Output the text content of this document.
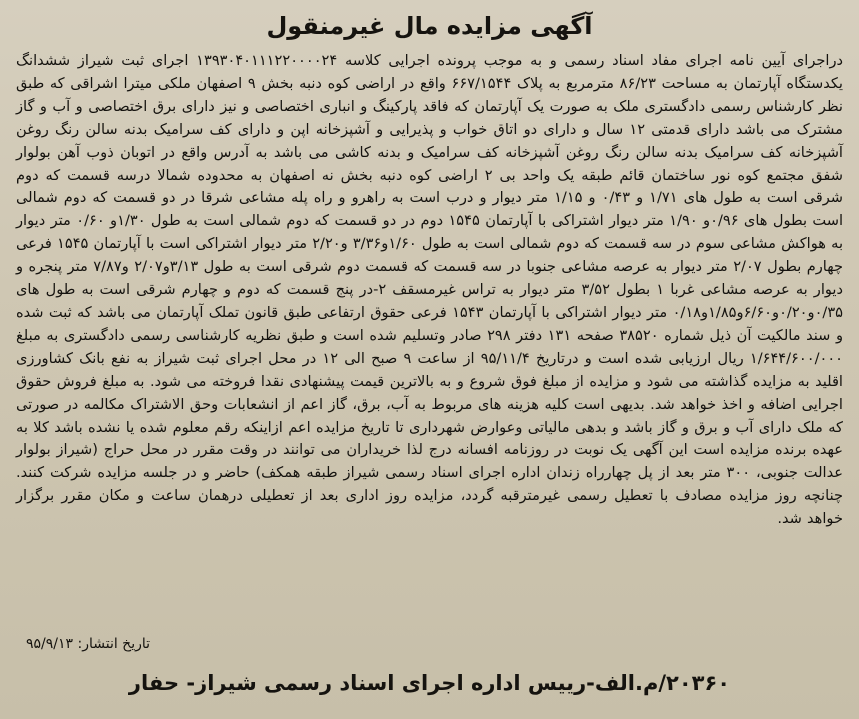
آگهی مزایده مال غیرمنقول

دراجرای آیین نامه اجرای مفاد اسناد رسمی و به موجب پرونده اجرایی کلاسه ۱۳۹۳۰۴۰۱۱۱۲۲۰۰۰۰۲۴ اجرای ثبت شیراز ششدانگ یکدستگاه آپارتمان به مساحت ۸۶/۲۳ مترمربع به پلاک ۶۶۷/۱۵۴۴ واقع در اراضی کوه دنبه بخش ۹ اصفهان ملکی میترا اشراقی که طبق نظر کارشناس رسمی دادگستری ملک به صورت یک آپارتمان که فاقد پارکینگ و انباری اختصاصی و نیز دارای برق اختصاصی و آب و گاز مشترک می باشد دارای قدمتی ۱۲ سال و دارای دو اتاق خواب و پذیرایی و آشپزخانه اپن و دارای کف سرامیک بدنه سالن رنگ روغن آشپزخانه کف سرامیک بدنه سالن رنگ روغن آشپزخانه کف سرامیک و بدنه کاشی می باشد به آدرس واقع در اتوبان ذوب آهن بولوار شفق مجتمع کوه نور ساختمان قائم طبقه یک واحد بی ۲ اراضی کوه دنبه بخش نه اصفهان به محدوده شمالا درسه قسمت که دوم شرقی است به طول های ۱/۷۱ و ۰/۴۳ و ۱/۱۵ متر دیوار و درب است به راهرو و راه پله مشاعی شرقا در دو قسمت که دوم شمالی است بطول های ۰/۹۶و ۱/۹۰ متر دیوار اشتراکی با آپارتمان ۱۵۴۵ دوم در دو قسمت که دوم شمالی است به طول ۱/۳۰و ۰/۶۰ متر دیوار به هواکش مشاعی سوم در سه قسمت که دوم شمالی است به طول ۱/۶۰و۳/۳۶ و۲/۲۰ متر دیوار اشتراکی است با آپارتمان ۱۵۴۵ فرعی چهارم بطول ۲/۰۷ متر دیوار به عرصه مشاعی جنوبا در سه قسمت که قسمت دوم شرقی است به طول ۳/۱۳و۲/۰۷ و۷/۸۷ متر پنجره و دیوار به عرصه مشاعی غربا ۱ بطول ۳/۵۲ متر دیوار به تراس غیرمسقف ۲-در پنج قسمت که دوم و چهارم شرقی است به طول های ۰/۳۵و۰/۲۰و۶/۶۰و۱/۸۵و۰/۱۸ متر دیوار اشتراکی با آپارتمان ۱۵۴۳ فرعی حقوق ارتفاعی طبق قانون تملک آپارتمان می باشد که ثبت شده و سند مالکیت آن ذیل شماره ۳۸۵۲۰ صفحه ۱۳۱ دفتر ۲۹۸ صادر وتسلیم شده است و طبق نظریه کارشناسی رسمی دادگستری به مبلغ ۱/۶۴۴/۶۰۰/۰۰۰ ریال ارزیابی شده است و درتاریخ ۹۵/۱۱/۴ از ساعت ۹ صبح الی ۱۲ در محل اجرای ثبت شیراز به نفع بانک کشاورزی اقلید به مزایده گذاشته می شود و مزایده از مبلغ فوق شروع و به بالاترین قیمت پیشنهادی نقدا فروخته می شود. به مبلغ فروش حقوق اجرایی اضافه و اخذ خواهد شد. بدیهی است کلیه هزینه های مربوط به آب، برق، گاز اعم از انشعابات وحق الاشتراک مکالمه در صورتی که ملک دارای آب و برق و گاز باشد و بدهی مالیاتی وعوارض شهرداری تا تاریخ مزایده اعم ازاینکه رقم معلوم شده یا نشده باشد کلا به عهده برنده مزایده است این آگهی یک نوبت در روزنامه افسانه درج لذا خریداران می توانند در وقت مقرر در محل حراج (شیراز بولوار عدالت جنوبی، ۳۰۰ متر بعد از پل چهارراه زندان اداره اجرای اسناد رسمی شیراز طبقه همکف) حاضر و در جلسه مزایده شرکت کنند. چنانچه روز مزایده مصادف با تعطیل رسمی غیرمترقبه گردد، مزایده روز اداری بعد از تعطیلی درهمان ساعت و مکان مقرر برگزار خواهد شد.

تاریخ انتشار: ۹۵/۹/۱۳
۲۰۳۶۰/م.الف-رییس اداره اجرای اسناد رسمی شیراز- حفار
